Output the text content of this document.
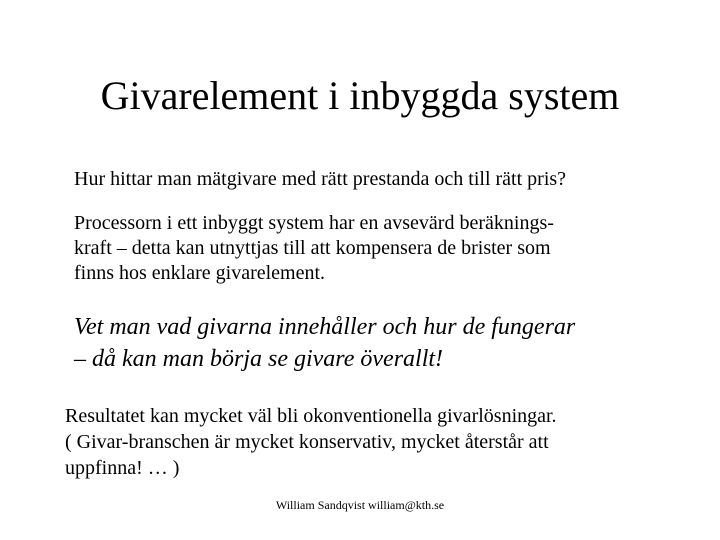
Givarelement i inbyggda system
Hur hittar man mätgivare med rätt prestanda och till rätt pris?
Processorn i ett inbyggt system har en avsevärd beräknings-
kraft – detta kan utnyttjas till att kompensera de brister som
finns hos enklare givarelement.
Vet man vad givarna innehåller och hur de fungerar
– då kan man börja se givare överallt!
Resultatet kan mycket väl bli okonventionella givarlösningar.
( Givar-branschen är mycket konservativ, mycket återstår att
uppfinna! … )
William Sandqvist william@kth.se
